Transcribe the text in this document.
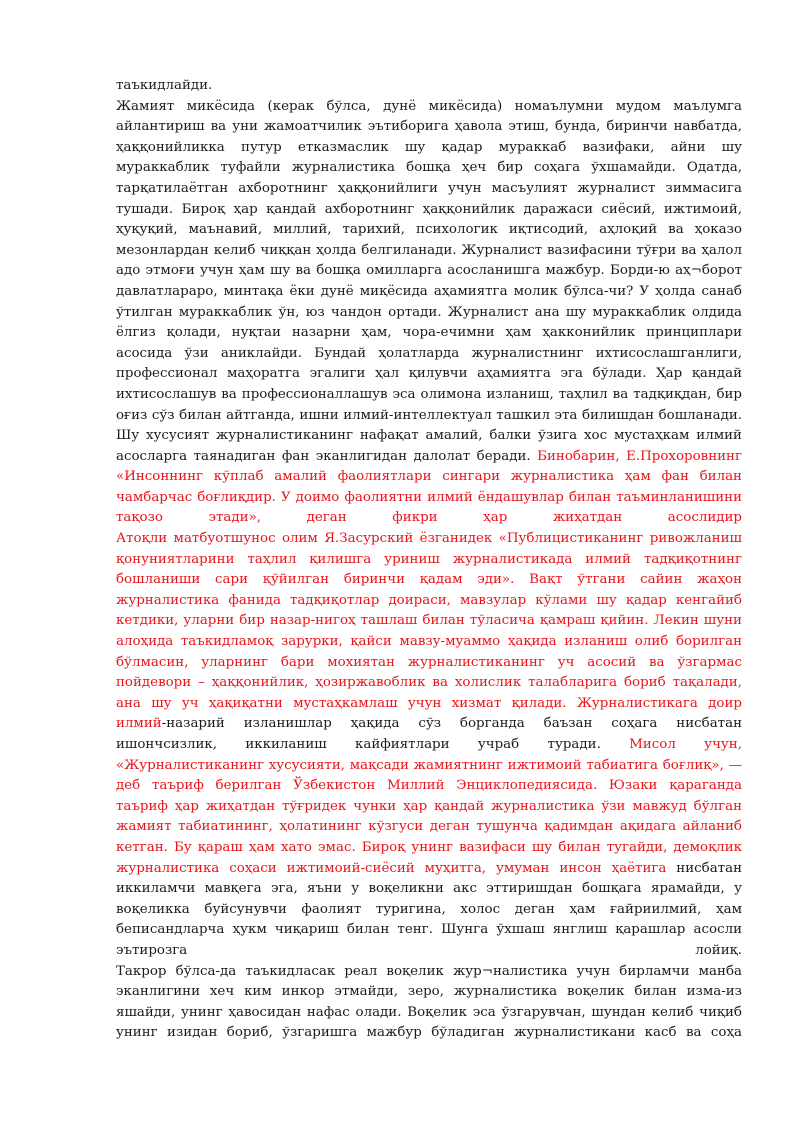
таъкидлайди.

Жамият микёсида (керак бўлса, дунё микёсида) номаълумни мудом маълумга айлантириш ва уни жамоатчилик эътиборига ҳавола этиш, бунда, биринчи навбатда, ҳаққонийликка путур етказмаслик шу қадар мураккаб вазифаки, айни шу мураккаблик туфайли журналистика бошқа ҳеч бир соҳага ўхшамайди. Одатда, тарқатилаётган ахборотнинг ҳаққонийлиги учун масъулият журналист зиммасига тушади. Бироқ ҳар қандай ахборотнинг ҳаққонийлик даражаси сиёсий, ижтимоий, ҳуқуқий, маънавий, миллий, тарихий, психологик иқтисодий, аҳлоқий ва ҳоказо мезонлардан келиб чиққан ҳолда белгиланади. Журналист вазифасини тўғри ва ҳалол адо этмоғи учун ҳам шу ва бошқа омилларга асосланишга мажбур. Борди-ю аҳ¬борот давлатлараро, минтақа ёки дунё миқёсида аҳамиятга молик бўлса-чи? У ҳолда санаб ўтилган мураккаблик ўн, юз чандон ортади. Журналист ана шу мураккаблик олдида ёлгиз қолади, нуқтаи назарни ҳам, чора-ечимни ҳам ҳакконийлик принциплари асосида ўзи аниклайди. Бундай ҳолатларда журналистнинг ихтисослашганлиги, профессионал маҳоратга эгалиги ҳал қилувчи аҳамиятга эга бўлади. Ҳар қандай ихтисослашув ва профессионаллашув эса олимона изланиш, таҳлил ва тадқиқдан, бир оғиз сўз билан айтганда, ишни илмий-интеллектуал ташкил эта билишдан бошланади. Шу хусусият журналистиканинг нафақат амалий, балки ўзига хос мустаҳкам илмий асосларга таянадиган фан эканлигидан далолат беради. Бинобарин, Е.Прохоровнинг «Инсоннинг кўплаб амалий фаолиятлари сингари журналистика ҳам фан билан чамбарчас боғлиқдир. У доимо фаолиятни илмий ёндашувлар билан таъминланишини тақозо этади», деган фикри ҳар жиҳатдан асослидир

Атоқли матбуотшунос олим Я.Засурский ёзганидек «Публицистиканинг ривожланиш қонуниятларини таҳлил қилишга уриниш журналистикада илмий тадқиқотнинг бошланиши сари қўйилган биринчи қадам эди». Вақт ўтгани сайин жаҳон журналистика фанида тадқиқотлар доираси, мавзулар кўлами шу қадар кенгайиб кетдики, уларни бир назар-нигоҳ ташлаш билан тўласича қамраш қийин. Лекин шуни алоҳида таъкидламоқ зарурки, қайси мавзу-муаммо ҳақида изланиш олиб борилган бўлмасин, уларнинг бари мохиятан журналистиканинг уч асосий ва ўзгармас пойдевори – ҳаққонийлик, ҳозиржавоблик ва холислик талабларига бориб тақалади, ана шу уч ҳақиқатни мустаҳкамлаш учун хизмат қилади. Журналистикага доир илмий-назарий изланишлар ҳақида сўз борганда баъзан соҳага нисбатан ишончсизлик, иккиланиш кайфиятлари учраб туради. Мисол учун, «Журналистиканинг хусусияти, мақсади жамиятнинг ижтимоий табиатига боғлиқ», — деб таъриф берилган Ўзбекистон Миллий Энциклопедиясида. Юзаки қараганда таъриф ҳар жиҳатдан тўғридек чунки ҳар қандай журналистика ўзи мавжуд бўлган жамият табиатининг, ҳолатининг кўзгуси деган тушунча қадимдан ақидага айланиб кетган. Бу қараш ҳам хато эмас. Бироқ унинг вазифаси шу билан тугайди, демоқлик журналистика соҳаси ижтимоий-сиёсий муҳитга, умуман инсон ҳаётига нисбатан иккиламчи мавқега эга, яъни у воқеликни акс эттиришдан бошқага ярамайди, у воқеликка буйсунувчи фаолият туригина, холос деган ҳам ғайриилмий, ҳам беписандларча ҳукм чиқариш билан тенг. Шунга ўхшаш янглиш қарашлар асосли эътирозга лойиқ.

Такрор бўлса-да таъкидласак реал воқелик жур¬налистика учун бирламчи манба эканлигини хеч ким инкор этмайди, зеро, журналистика воқелик билан изма-из яшайди, унинг ҳавосидан нафас олади. Воқелик эса ўзгарувчан, шундан келиб чиқиб унинг изидан бориб, ўзгаришга мажбур бўладиган журналистикани касб ва соҳа
